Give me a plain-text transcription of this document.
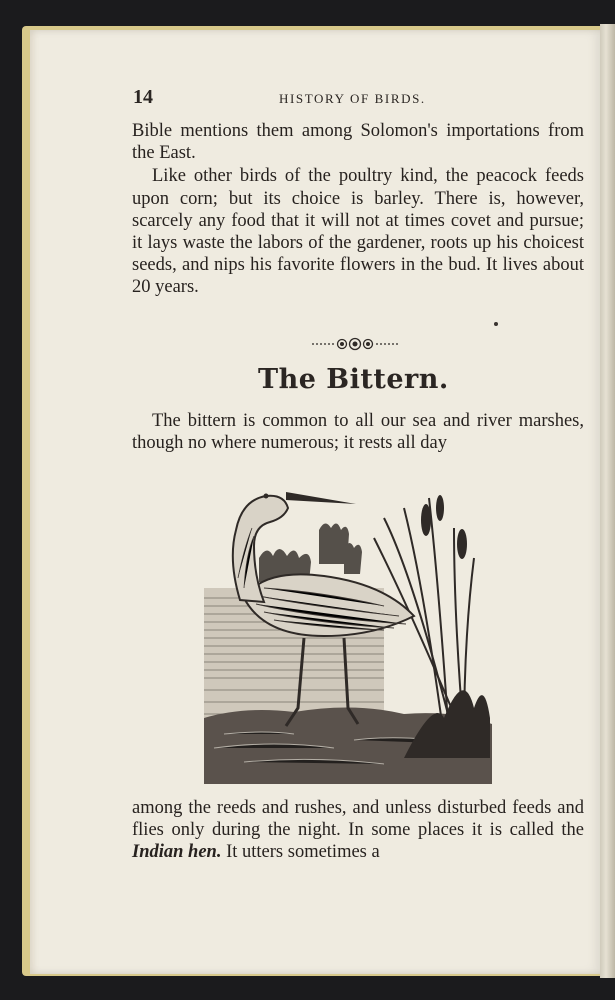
14	HISTORY OF BIRDS.

Bible mentions them among Solomon's importations from the East.

Like other birds of the poultry kind, the peacock feeds upon corn; but its choice is barley. There is, however, scarcely any food that it will not at times covet and pursue; it lays waste the labors of the gardener, roots up his choicest seeds, and nips his favorite flowers in the bud. It lives about 20 years.

The Bittern.

The bittern is common to all our sea and river marshes, though no where numerous; it rests all day

among the reeds and rushes, and unless disturbed feeds and flies only during the night. In some places it is called the Indian hen. It utters sometimes a
